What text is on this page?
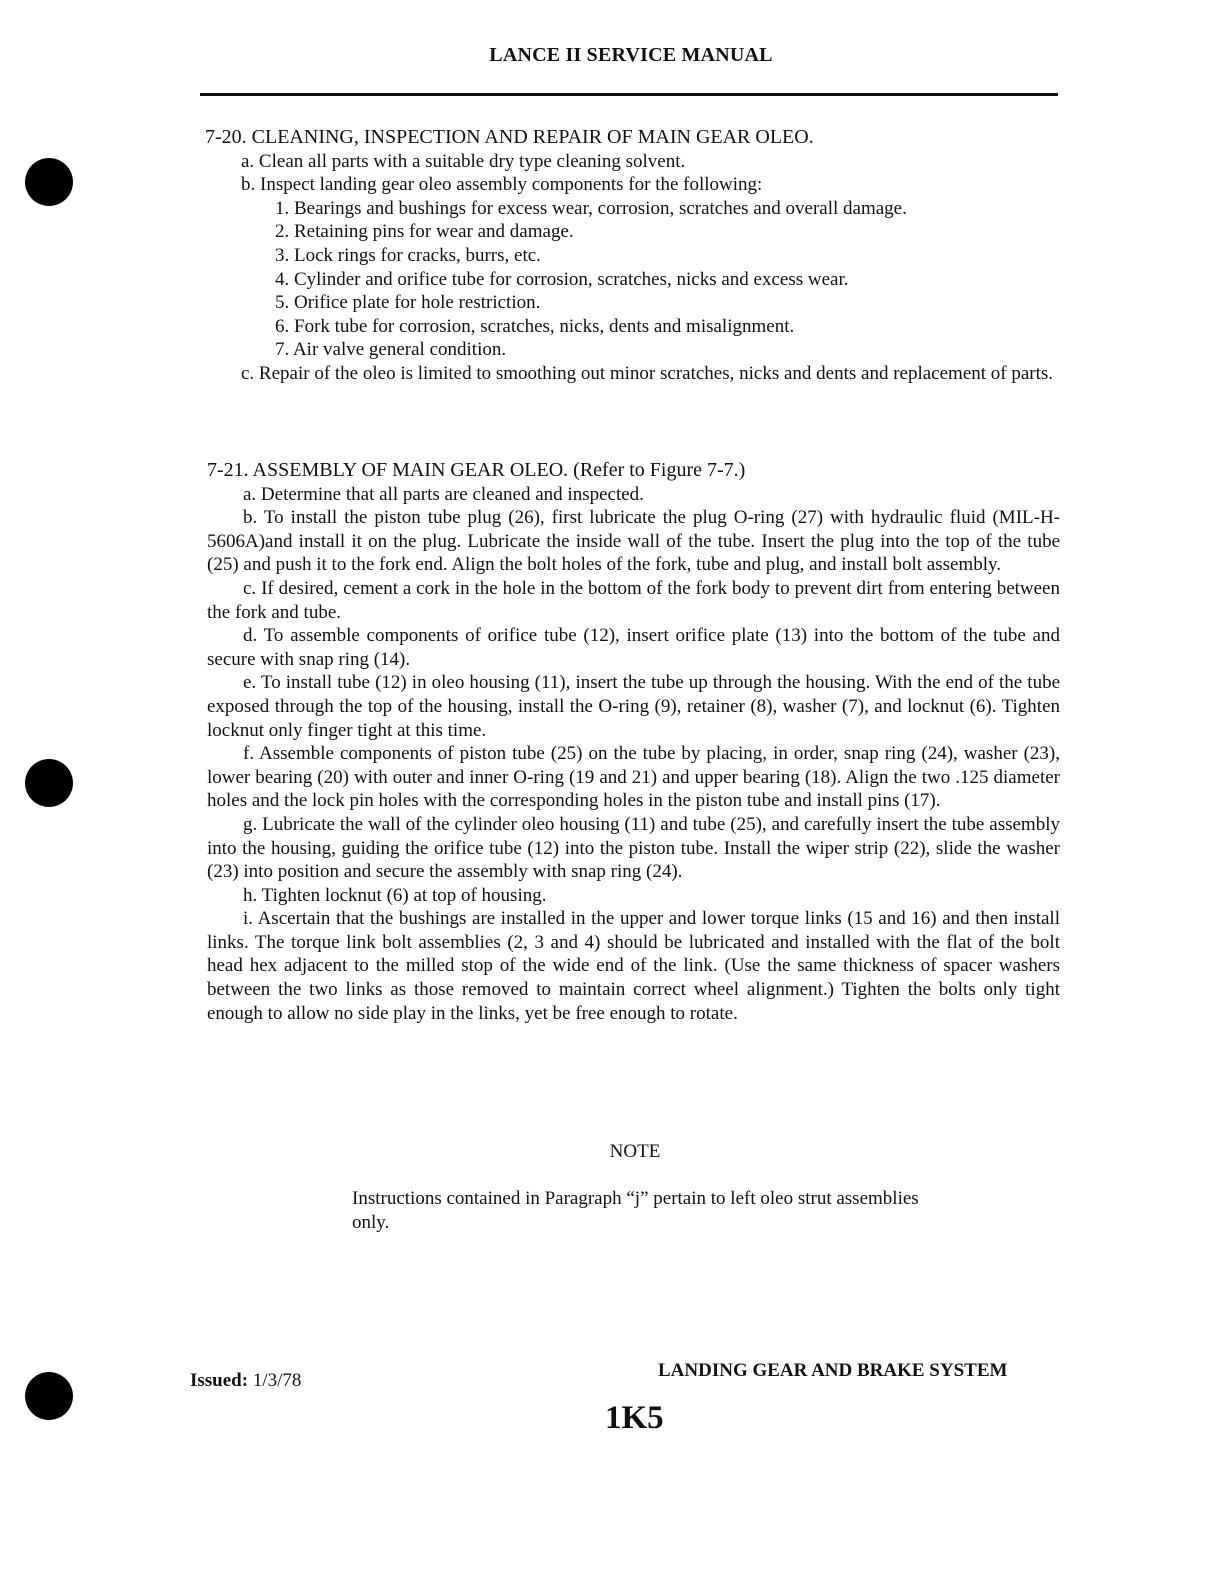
LANCE II SERVICE MANUAL

7-20. CLEANING, INSPECTION AND REPAIR OF MAIN GEAR OLEO.

a. Clean all parts with a suitable dry type cleaning solvent.

b. Inspect landing gear oleo assembly components for the following:

1. Bearings and bushings for excess wear, corrosion, scratches and overall damage.

2. Retaining pins for wear and damage.

3. Lock rings for cracks, burrs, etc.

4. Cylinder and orifice tube for corrosion, scratches, nicks and excess wear.

5. Orifice plate for hole restriction.

6. Fork tube for corrosion, scratches, nicks, dents and misalignment.

7. Air valve general condition.

c. Repair of the oleo is limited to smoothing out minor scratches, nicks and dents and replacement of parts.

7-21. ASSEMBLY OF MAIN GEAR OLEO. (Refer to Figure 7-7.)

a. Determine that all parts are cleaned and inspected.

b. To install the piston tube plug (26), first lubricate the plug O-ring (27) with hydraulic fluid (MIL-H-5606A)and install it on the plug. Lubricate the inside wall of the tube. Insert the plug into the top of the tube (25) and push it to the fork end. Align the bolt holes of the fork, tube and plug, and install bolt assembly.

c. If desired, cement a cork in the hole in the bottom of the fork body to prevent dirt from entering between the fork and tube.

d. To assemble components of orifice tube (12), insert orifice plate (13) into the bottom of the tube and secure with snap ring (14).

e. To install tube (12) in oleo housing (11), insert the tube up through the housing. With the end of the tube exposed through the top of the housing, install the O-ring (9), retainer (8), washer (7), and locknut (6). Tighten locknut only finger tight at this time.

f. Assemble components of piston tube (25) on the tube by placing, in order, snap ring (24), washer (23), lower bearing (20) with outer and inner O-ring (19 and 21) and upper bearing (18). Align the two .125 diameter holes and the lock pin holes with the corresponding holes in the piston tube and install pins (17).

g. Lubricate the wall of the cylinder oleo housing (11) and tube (25), and carefully insert the tube assembly into the housing, guiding the orifice tube (12) into the piston tube. Install the wiper strip (22), slide the washer (23) into position and secure the assembly with snap ring (24).

h. Tighten locknut (6) at top of housing.

i. Ascertain that the bushings are installed in the upper and lower torque links (15 and 16) and then install links. The torque link bolt assemblies (2, 3 and 4) should be lubricated and installed with the flat of the bolt head hex adjacent to the milled stop of the wide end of the link. (Use the same thickness of spacer washers between the two links as those removed to maintain correct wheel alignment.) Tighten the bolts only tight enough to allow no side play in the links, yet be free enough to rotate.

NOTE
Instructions contained in Paragraph “j” pertain to left oleo strut assemblies only.
Issued: 1/3/78	LANDING GEAR AND BRAKE SYSTEM
1K5
